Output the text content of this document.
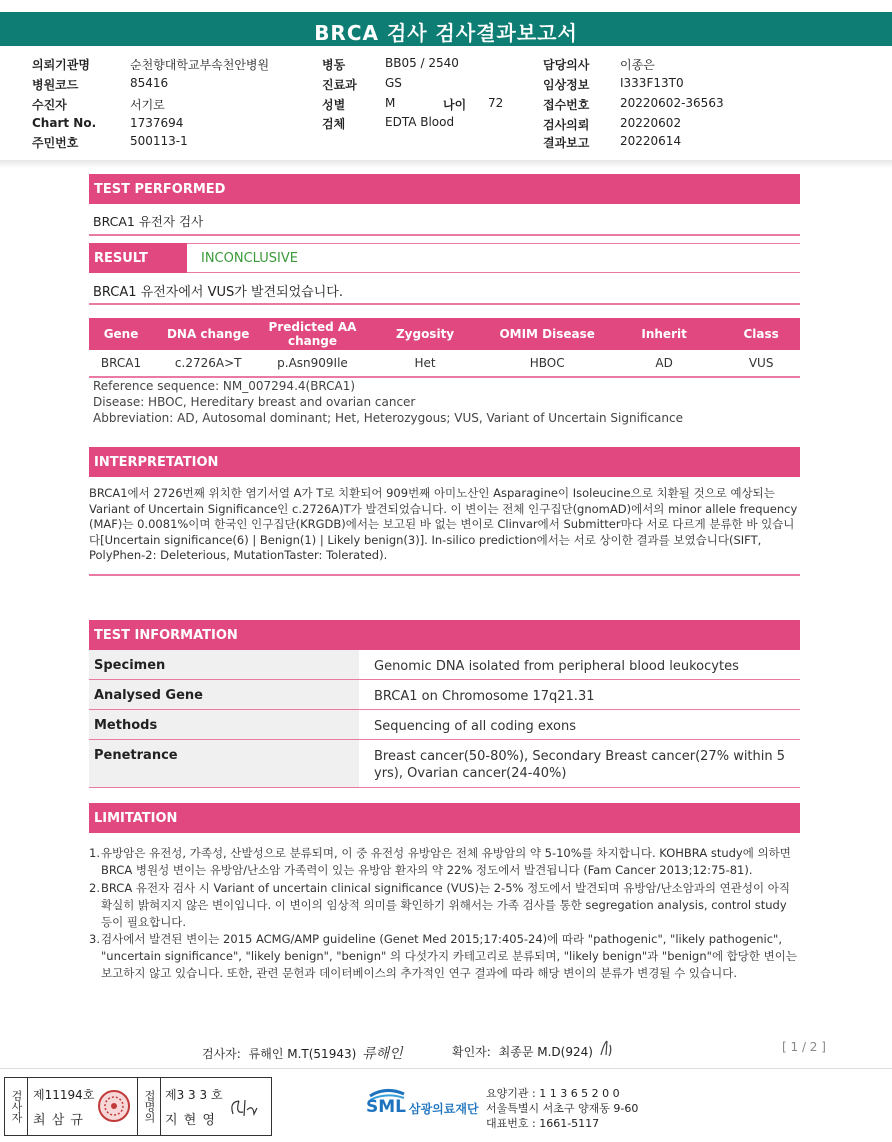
BRCA 검사 검사결과보고서
의뢰기관명	순천향대학교부속천안병원
병원코드	85416
수진자	서기로
Chart No.	1737694
주민번호	500113-1
병동	BB05 / 2540
진료과 GS
성별	M	나이 72
검체	EDTA Blood
담당의사	이종은
임상정보	I333F13T0
접수번호	20220602-36563
검사의뢰	20220602
결과보고	20220614
TEST PERFORMED
BRCA1 유전자 검사
RESULT	INCONCLUSIVE
BRCA1 유전자에서 VUS가 발견되었습니다.
Gene	DNA change	Predicted AA change	Zygosity	OMIM Disease	Inherit	Class
BRCA1	c.2726A>T	p.Asn909Ile	Het	HBOC	AD	VUS
Reference sequence: NM_007294.4(BRCA1)
Disease: HBOC, Hereditary breast and ovarian cancer
Abbreviation: AD, Autosomal dominant; Het, Heterozygous; VUS, Variant of Uncertain Significance
INTERPRETATION
BRCA1에서 2726번째 위치한 염기서열 A가 T로 치환되어 909번째 아미노산인 Asparagine이 Isoleucine으로 치환될 것으로 예상되는 Variant of Uncertain Significance인 c.2726A)T가 발견되었습니다. 이 변이는 전체 인구집단(gnomAD)에서의 minor allele frequency (MAF)는 0.0081%이며 한국인 인구집단(KRGDB)에서는 보고된 바 없는 변이로 Clinvar에서 Submitter마다 서로 다르게 분류한 바 있습니다[Uncertain significance(6) | Benign(1) | Likely benign(3)]. In-silico prediction에서는 서로 상이한 결과를 보였습니다(SIFT, PolyPhen-2: Deleterious, MutationTaster: Tolerated).
TEST INFORMATION
Specimen	Genomic DNA isolated from peripheral blood leukocytes
Analysed Gene	BRCA1 on Chromosome 17q21.31
Methods	Sequencing of all coding exons
Penetrance	Breast cancer(50-80%), Secondary Breast cancer(27% within 5 yrs), Ovarian cancer(24-40%)
LIMITATION
1. 유방암은 유전성, 가족성, 산발성으로 분류되며, 이 중 유전성 유방암은 전체 유방암의 약 5-10%를 차지합니다. KOHBRA study에 의하면 BRCA 병원성 변이는 유방암/난소암 가족력이 있는 유방암 환자의 약 22% 정도에서 발견됩니다 (Fam Cancer 2013;12:75-81).
2. BRCA 유전자 검사 시 Variant of uncertain clinical significance (VUS)는 2-5% 정도에서 발견되며 유방암/난소암과의 연관성이 아직 확실히 밝혀지지 않은 변이입니다. 이 변이의 임상적 의미를 확인하기 위해서는 가족 검사를 통한 segregation analysis, control study 등이 필요합니다.
3. 검사에서 발견된 변이는 2015 ACMG/AMP guideline (Genet Med 2015;17:405-24)에 따라 "pathogenic", "likely pathogenic", "uncertain significance", "likely benign", "benign" 의 다섯가지 카테고리로 분류되며, "likely benign"과 "benign"에 합당한 변이는 보고하지 않고 있습니다. 또한, 관련 문헌과 데이터베이스의 추가적인 연구 결과에 따라 해당 변이의 분류가 변경될 수 있습니다.
검사자: 류해인 M.T(51943) 류해인	확인자: 최종문 M.D(924)	[ 1 / 2 ]
검사자 제11194호
최 삼 규	접명의 제3 3 3 호
지 현 영
SML 삼광의료재단
요양기관 : 1 1 3 6 5 2 0 0
서울특별시 서초구 양재동 9-60
대표번호 : 1661-5117
